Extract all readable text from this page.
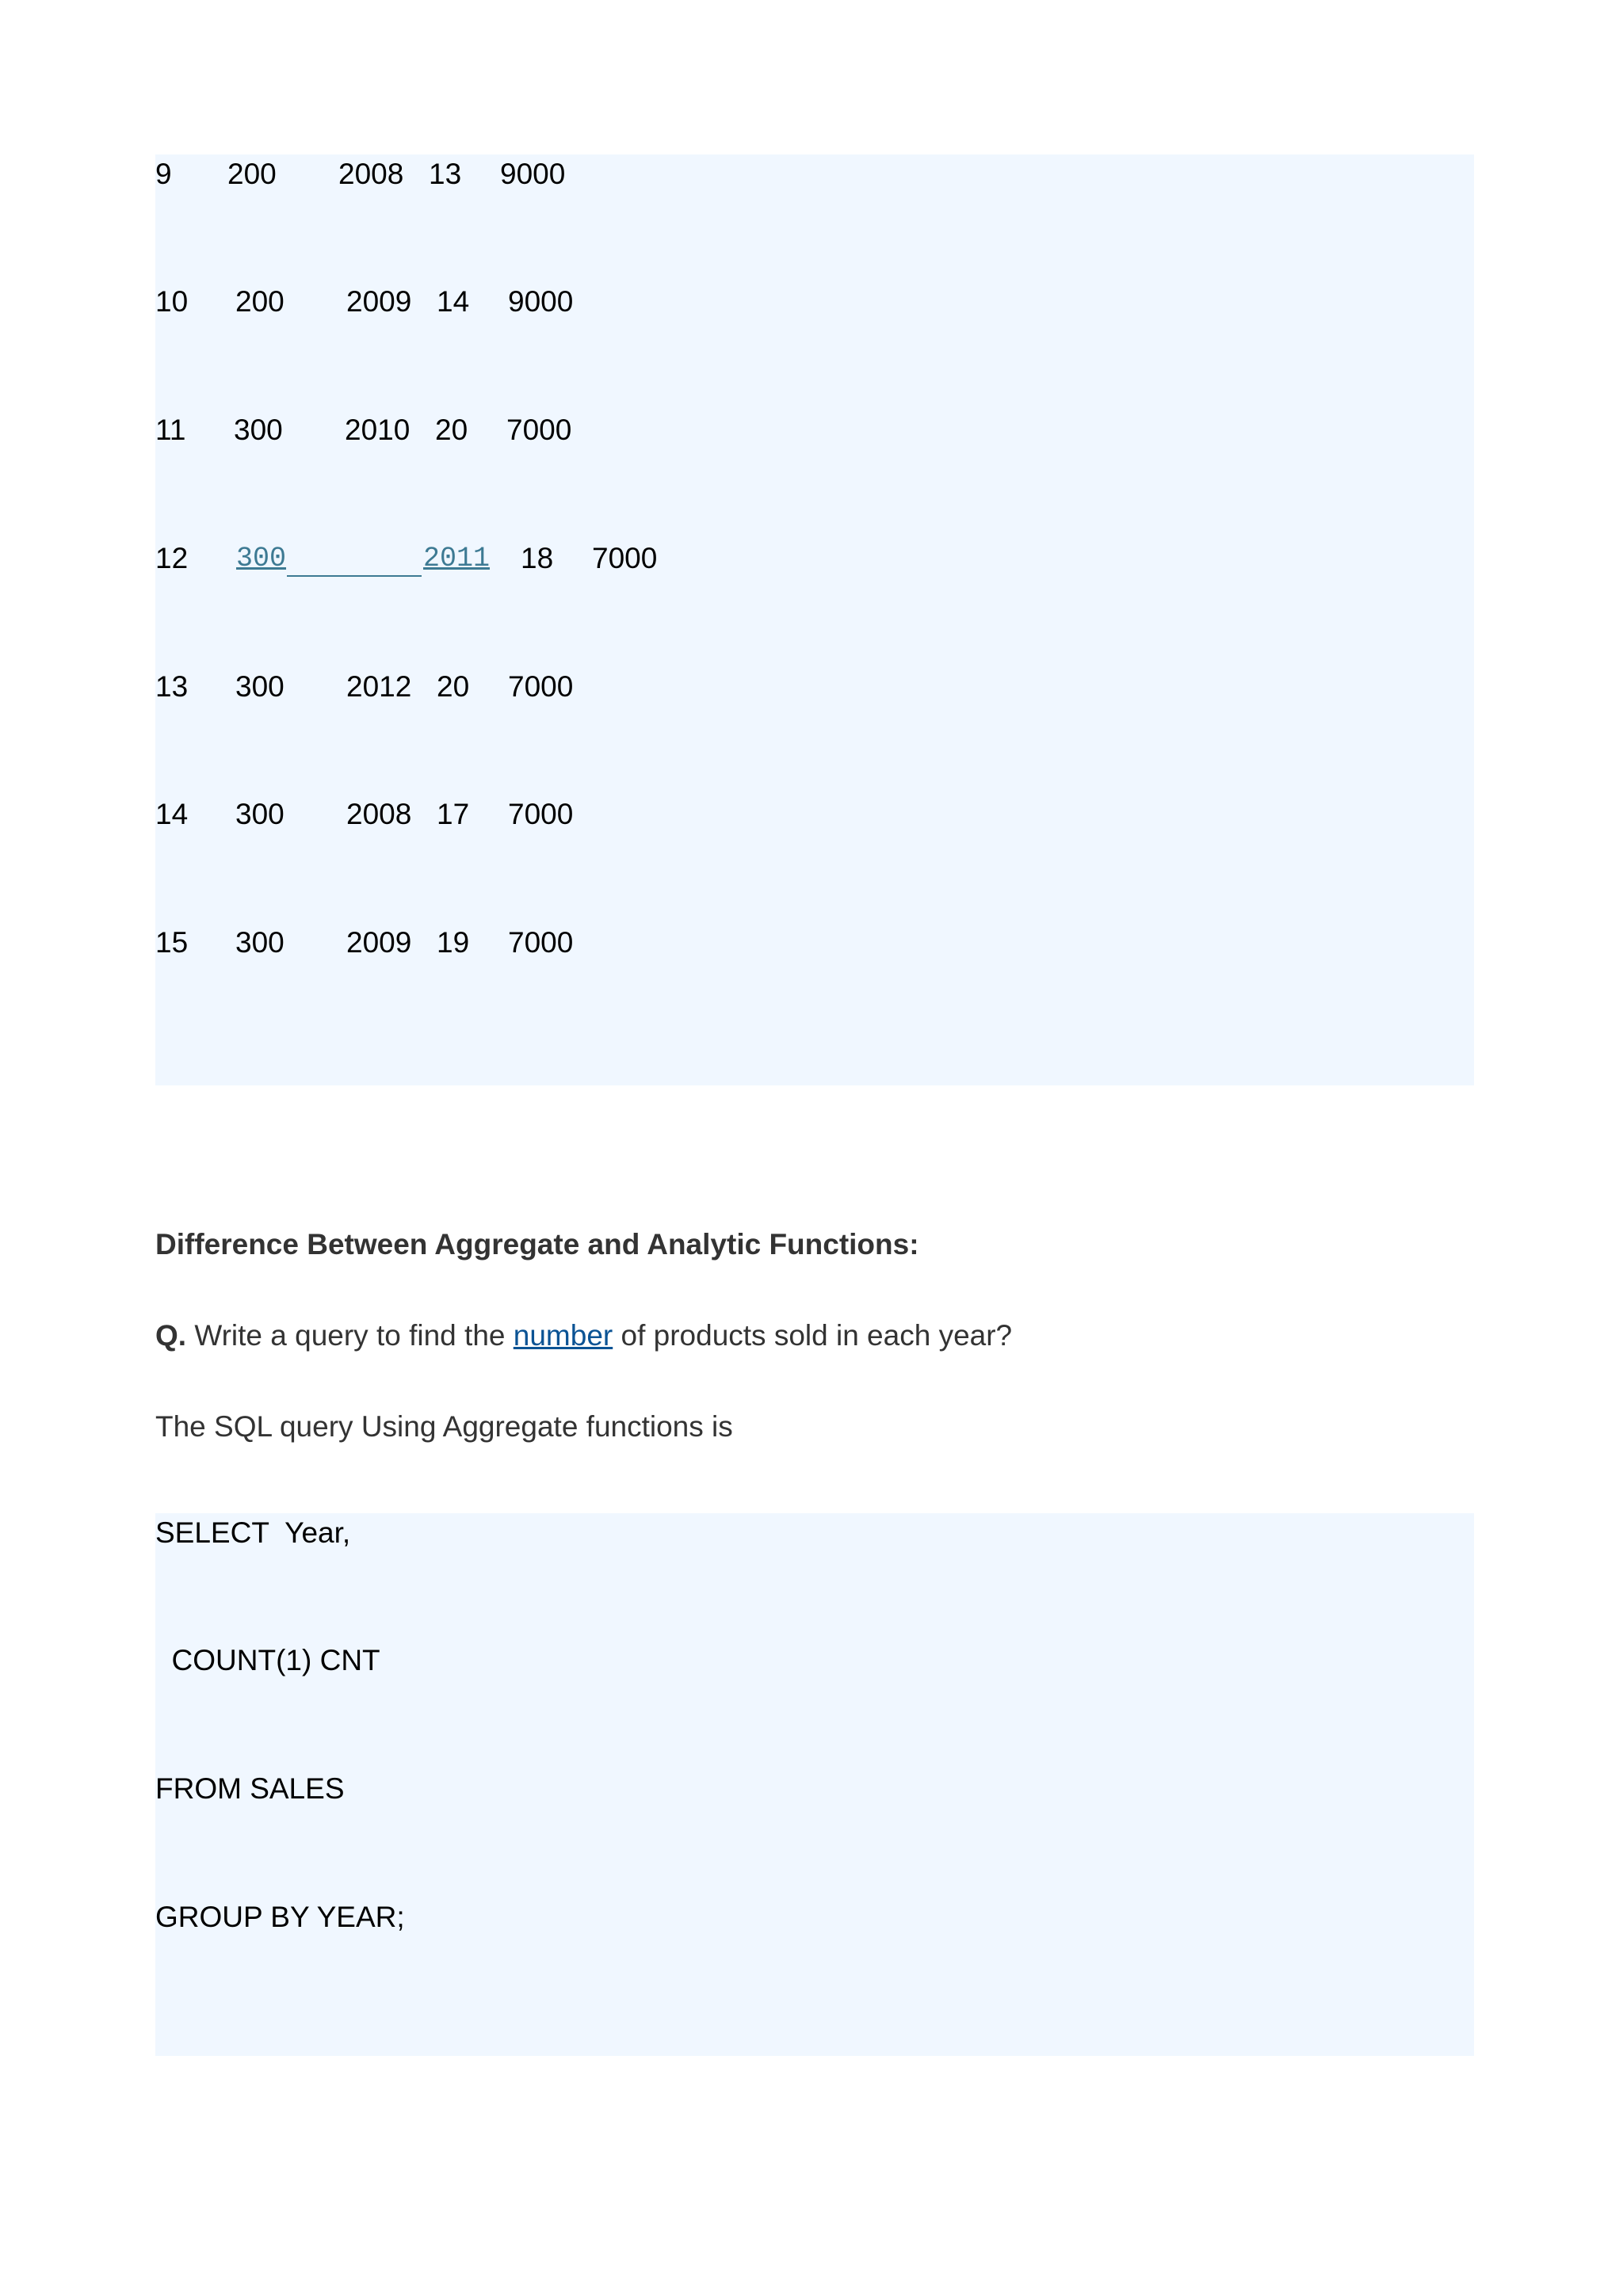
9

200

2008

13

9000

10

200

2009

14

9000

11

300

2010

20

7000

12

300

	2011

18

7000

13

300

2012

20

7000

14

300

2008

17

7000

15

300

2009

19

7000

Difference Between Aggregate and Analytic Functions:
Q. Write a query to find the number of products sold in each year?
The SQL query Using Aggregate functions is
SELECT  Year,
COUNT(1) CNT
FROM SALES
GROUP BY YEAR;
